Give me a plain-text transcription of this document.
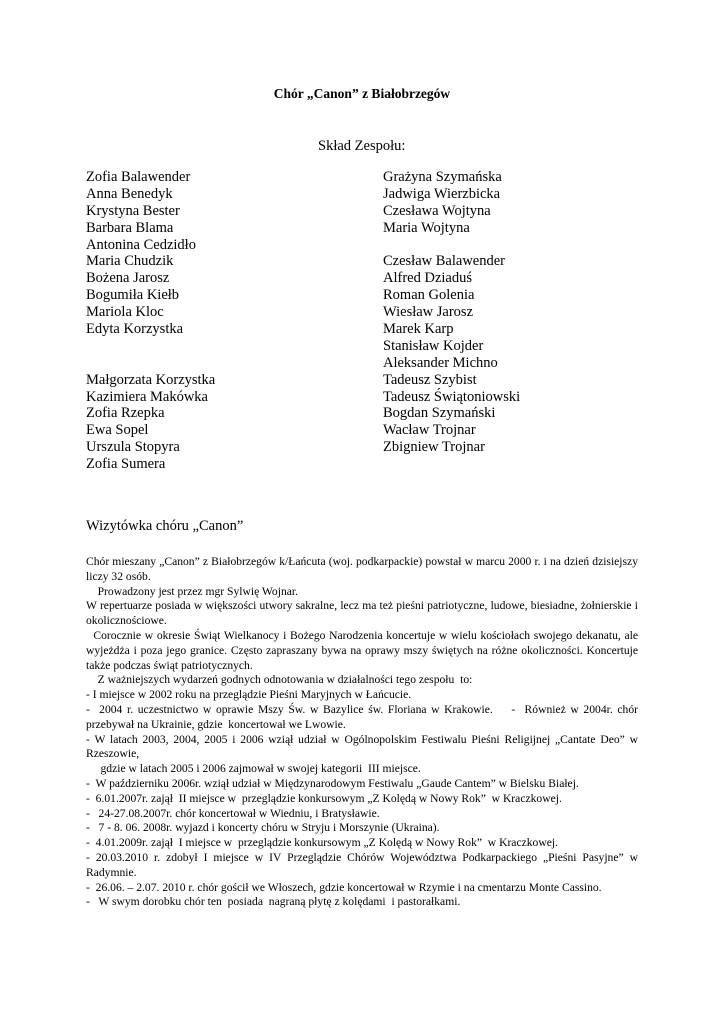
Chór „Canon” z Białobrzegów
Skład Zespołu:
Zofia Balawender
Anna Benedyk
Krystyna Bester
Barbara Blama
Antonina Cedzidło
Maria Chudzik
Bożena Jarosz
Bogumiła Kiełb
Mariola Kloc
Edyta Korzystka
Małgorzata Korzystka
Kazimiera Makówka
Zofia Rzepka
Ewa Sopel
Urszula Stopyra
Zofia Sumera
Grażyna Szymańska
Jadwiga Wierzbicka
Czesława Wojtyna
Maria Wojtyna
Czesław Balawender
Alfred Dziaduś
Roman Golenia
Wiesław Jarosz
Marek Karp
Stanisław Kojder
Aleksander Michno
Tadeusz Szybist
Tadeusz Świątoniowski
Bogdan Szymański
Wacław Trojnar
Zbigniew Trojnar
Wizytówka chóru „Canon”

Chór mieszany „Canon” z Białobrzegów k/Łańcuta (woj. podkarpackie) powstał w marcu 2000 r. i na dzień dzisiejszy liczy 32 osób.

Prowadzony jest przez mgr Sylwię Wojnar.

W repertuarze posiada w większości utwory sakralne, lecz ma też pieśni patriotyczne, ludowe, biesiadne, żołnierskie i okolicznościowe.

Corocznie w okresie Świąt Wielkanocy i Bożego Narodzenia koncertuje w wielu kościołach swojego dekanatu, ale wyjeżdża i poza jego granice. Często zapraszany bywa na oprawy mszy świętych na różne okoliczności. Koncertuje także podczas świąt patriotycznych.

Z ważniejszych wydarzeń godnych odnotowania w działalności tego zespołu  to:

- I miejsce w 2002 roku na przeglądzie Pieśni Maryjnych w Łańcucie.

-  2004 r. uczestnictwo w oprawie Mszy Św. w Bazylice św. Floriana w Krakowie.    -  Również w 2004r. chór przebywał na Ukrainie, gdzie  koncertował we Lwowie.

- W latach 2003, 2004, 2005 i 2006 wziął udział w Ogólnopolskim Festiwalu Pieśni Religijnej „Cantate Deo” w Rzeszowie,

gdzie w latach 2005 i 2006 zajmował w swojej kategorii  III miejsce.

-  W październiku 2006r. wziął udział w Międzynarodowym Festiwalu „Gaude Cantem” w Bielsku Białej.

-  6.01.2007r. zajął  II miejsce w  przeglądzie konkursowym „Z Kolędą w Nowy Rok”  w Kraczkowej.

-   24-27.08.2007r. chór koncertował w Wiedniu, i Bratysławie.

-   7 - 8. 06. 2008r. wyjazd i koncerty chóru w Stryju i Morszynie (Ukraina).

-  4.01.2009r. zajął  I miejsce w  przeglądzie konkursowym „Z Kolędą w Nowy Rok”  w Kraczkowej.

- 20.03.2010 r. zdobył I miejsce w IV Przeglądzie Chórów Województwa Podkarpackiego „Pieśni Pasyjne” w Radymnie.

-  26.06. – 2.07. 2010 r. chór gościł we Włoszech, gdzie koncertował w Rzymie i na cmentarzu Monte Cassino.

-   W swym dorobku chór ten  posiada  nagraną płytę z kolędami  i pastorałkami.
